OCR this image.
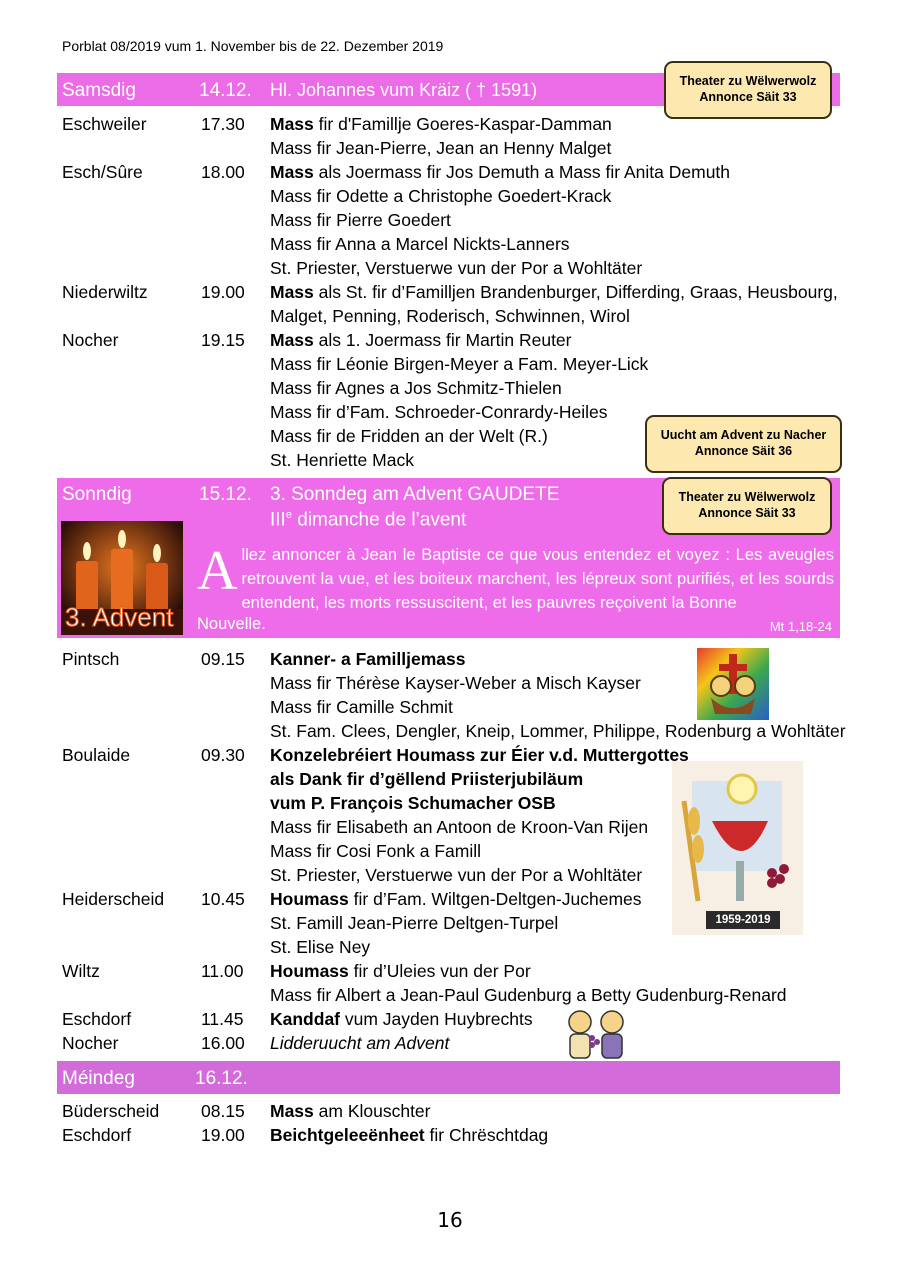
Porblat 08/2019 vum 1. November bis de 22. Dezember 2019
Samsdig	14.12. Hl. Johannes vum Kräiz ( † 1591)	Theater zu Wëlwerwolz
Annonce Säit 33
Eschweiler	17.30 Mass fir d'Famillje Goeres-Kaspar-Damman
Mass fir Jean-Pierre, Jean an Henny Malget
Esch/Sûre	18.00 Mass als Joermass fir Jos Demuth a Mass fir Anita Demuth
Mass fir Odette a Christophe Goedert-Krack
Mass fir Pierre Goedert
Mass fir Anna a Marcel Nickts-Lanners
St. Priester, Verstuerwe vun der Por a Wohltäter
Niederwiltz	19.00 Mass als St. fir d’Familljen Brandenburger, Differding, Graas, Heusbourg,
Malget, Penning, Roderisch, Schwinnen, Wirol
Nocher	19.15 Mass als 1. Joermass fir Martin Reuter
Mass fir Léonie Birgen-Meyer a Fam. Meyer-Lick
Mass fir Agnes a Jos Schmitz-Thielen
Mass fir d’Fam. Schroeder-Conrardy-Heiles
Mass fir de Fridden an der Welt (R.)
St. Henriette Mack
Uucht am Advent zu Nacher
Annonce Säit 36
Sonndig	15.12. 3. Sonndeg am Advent GAUDETE
IIIe dimanche de l’avent
3. Advent
Allez annoncer à Jean le Baptiste ce que vous entendez et voyez : Les aveugles retrouvent la vue, et les boiteux marchent, les lépreux sont purifiés, et les sourds entendent, les morts ressuscitent, et les pauvres reçoivent la Bonne
Nouvelle.	Mt 1,18-24
Theater zu Wëlwerwolz
Annonce Säit 33
1959-2019
Pintsch	09.15 Kanner- a Familljemass
Mass fir Thérèse Kayser-Weber a Misch Kayser
Mass fir Camille Schmit
St. Fam. Clees, Dengler, Kneip, Lommer, Philippe, Rodenburg a Wohltäter
Boulaide	09.30 Konzelebréiert Houmass zur Éier v.d. Muttergottes
als Dank fir d’gëllend Priisterjubiläum
vum P. François Schumacher OSB
Mass fir Elisabeth an Antoon de Kroon-Van Rijen
Mass fir Cosi Fonk a Famill
St. Priester, Verstuerwe vun der Por a Wohltäter
Heiderscheid 10.45 Houmass fir d’Fam. Wiltgen-Deltgen-Juchemes
St. Famill Jean-Pierre Deltgen-Turpel
St. Elise Ney
Wiltz	11.00 Houmass fir d’Uleies vun der Por
Mass fir Albert a Jean-Paul Gudenburg a Betty Gudenburg-Renard
Eschdorf	11.45 Kanddaf vum Jayden Huybrechts
Nocher	16.00 Lidderuucht am Advent
Méindeg	16.12.
Büderscheid 08.15 Mass am Klouschter
Eschdorf	19.00 Beichtgeleeënheet fir Chrëschtdag
16
